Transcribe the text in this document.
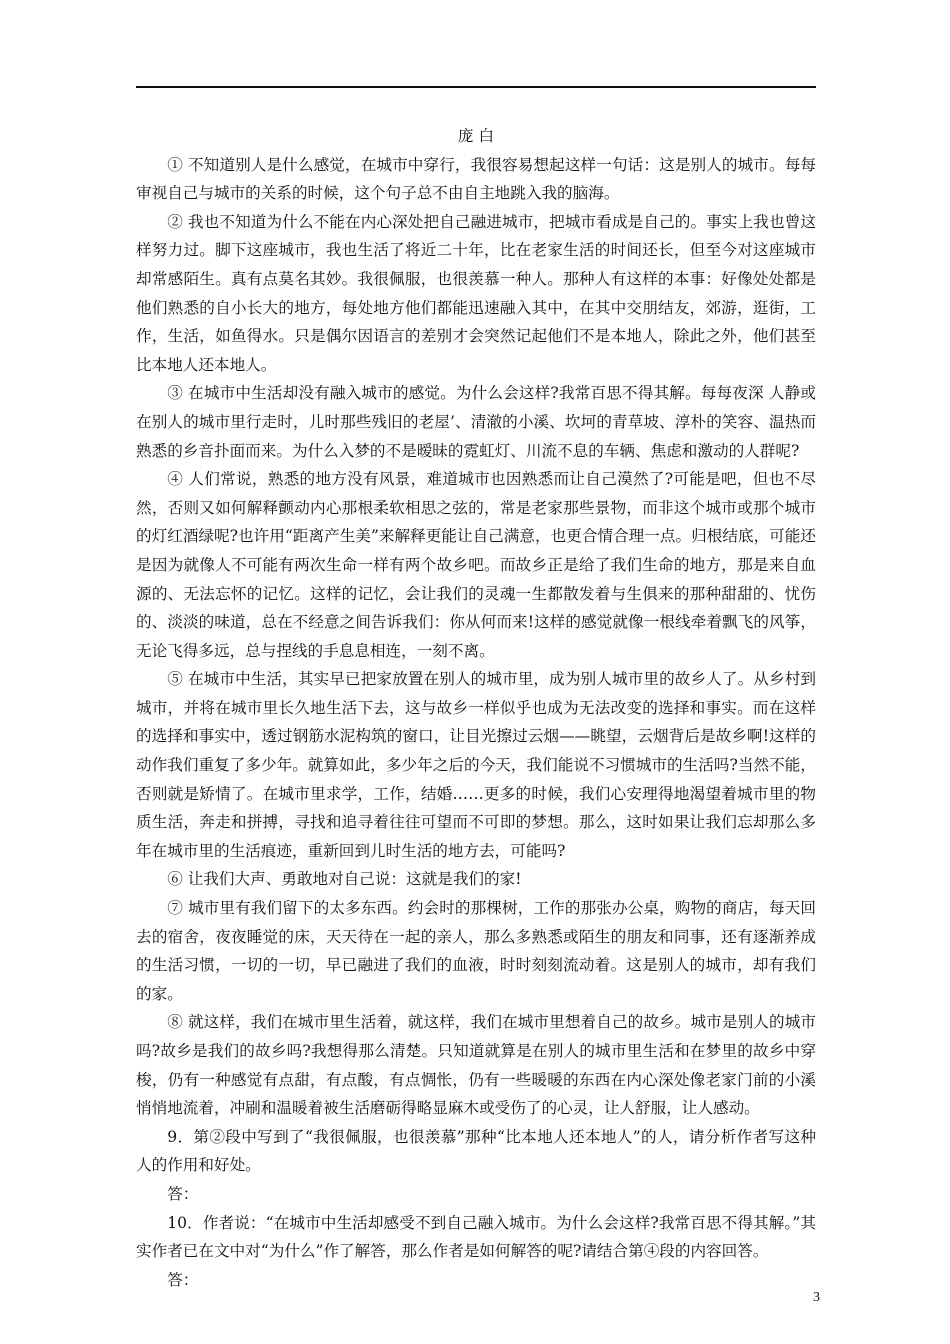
庞 白

① 不知道别人是什么感觉，在城市中穿行，我很容易想起这样一句话：这是别人的城市。每每审视自己与城市的关系的时候，这个句子总不由自主地跳入我的脑海。

② 我也不知道为什么不能在内心深处把自己融进城市，把城市看成是自己的。事实上我也曾这样努力过。脚下这座城市，我也生活了将近二十年，比在老家生活的时间还长，但至今对这座城市却常感陌生。真有点莫名其妙。我很佩服，也很羡慕一种人。那种人有这样的本事：好像处处都是他们熟悉的自小长大的地方，每处地方他们都能迅速融入其中，在其中交朋结友，郊游，逛街，工作，生活，如鱼得水。只是偶尔因语言的差别才会突然记起他们不是本地人，除此之外，他们甚至比本地人还本地人。

③ 在城市中生活却没有融入城市的感觉。为什么会这样?我常百思不得其解。每每夜深 人静或在别人的城市里行走时，儿时那些残旧的老屋’、清澈的小溪、坎坷的青草坡、淳朴的笑容、温热而熟悉的乡音扑面而来。为什么入梦的不是暧昧的霓虹灯、川流不息的车辆、焦虑和激动的人群呢?

④ 人们常说，熟悉的地方没有风景，难道城市也因熟悉而让自己漠然了?可能是吧，但也不尽然，否则又如何解释颤动内心那根柔软相思之弦的，常是老家那些景物，而非这个城市或那个城市的灯红酒绿呢?也许用“距离产生美”来解释更能让自己满意，也更合情合理一点。归根结底，可能还是因为就像人不可能有两次生命一样有两个故乡吧。而故乡正是给了我们生命的地方，那是来自血源的、无法忘怀的记忆。这样的记忆，会让我们的灵魂一生都散发着与生俱来的那种甜甜的、忧伤的、淡淡的味道，总在不经意之间告诉我们：你从何而来!这样的感觉就像一根线牵着飘飞的风筝，无论飞得多远，总与捏线的手息息相连，一刻不离。

⑤ 在城市中生活，其实早已把家放置在别人的城市里，成为别人城市里的故乡人了。从乡村到城市，并将在城市里长久地生活下去，这与故乡一样似乎也成为无法改变的选择和事实。而在这样的选择和事实中，透过钢筋水泥构筑的窗口，让目光擦过云烟——眺望，云烟背后是故乡啊!这样的动作我们重复了多少年。就算如此，多少年之后的今天，我们能说不习惯城市的生活吗?当然不能，否则就是矫情了。在城市里求学，工作，结婚……更多的时候，我们心安理得地渴望着城市里的物质生活，奔走和拼搏，寻找和追寻着往往可望而不可即的梦想。那么，这时如果让我们忘却那么多年在城市里的生活痕迹，重新回到儿时生活的地方去，可能吗?

⑥ 让我们大声、勇敢地对自己说：这就是我们的家!

⑦ 城市里有我们留下的太多东西。约会时的那棵树，工作的那张办公桌，购物的商店，每天回去的宿舍，夜夜睡觉的床，天天待在一起的亲人，那么多熟悉或陌生的朋友和同事，还有逐渐养成的生活习惯，一切的一切，早已融进了我们的血液，时时刻刻流动着。这是别人的城市，却有我们的家。

⑧ 就这样，我们在城市里生活着，就这样，我们在城市里想着自己的故乡。城市是别人的城市吗?故乡是我们的故乡吗?我想得那么清楚。只知道就算是在别人的城市里生活和在梦里的故乡中穿梭，仍有一种感觉有点甜，有点酸，有点惆怅，仍有一些暖暖的东西在内心深处像老家门前的小溪悄悄地流着，冲刷和温暖着被生活磨砺得略显麻木或受伤了的心灵，让人舒服，让人感动。

9．第②段中写到了“我很佩服，也很羡慕”那种“比本地人还本地人”的人，请分析作者写这种人的作用和好处。

答：

10．作者说：“在城市中生活却感受不到自己融入城市。为什么会这样?我常百思不得其解。”其实作者已在文中对“为什么”作了解答，那么作者是如何解答的呢?请结合第④段的内容回答。

答：

3
